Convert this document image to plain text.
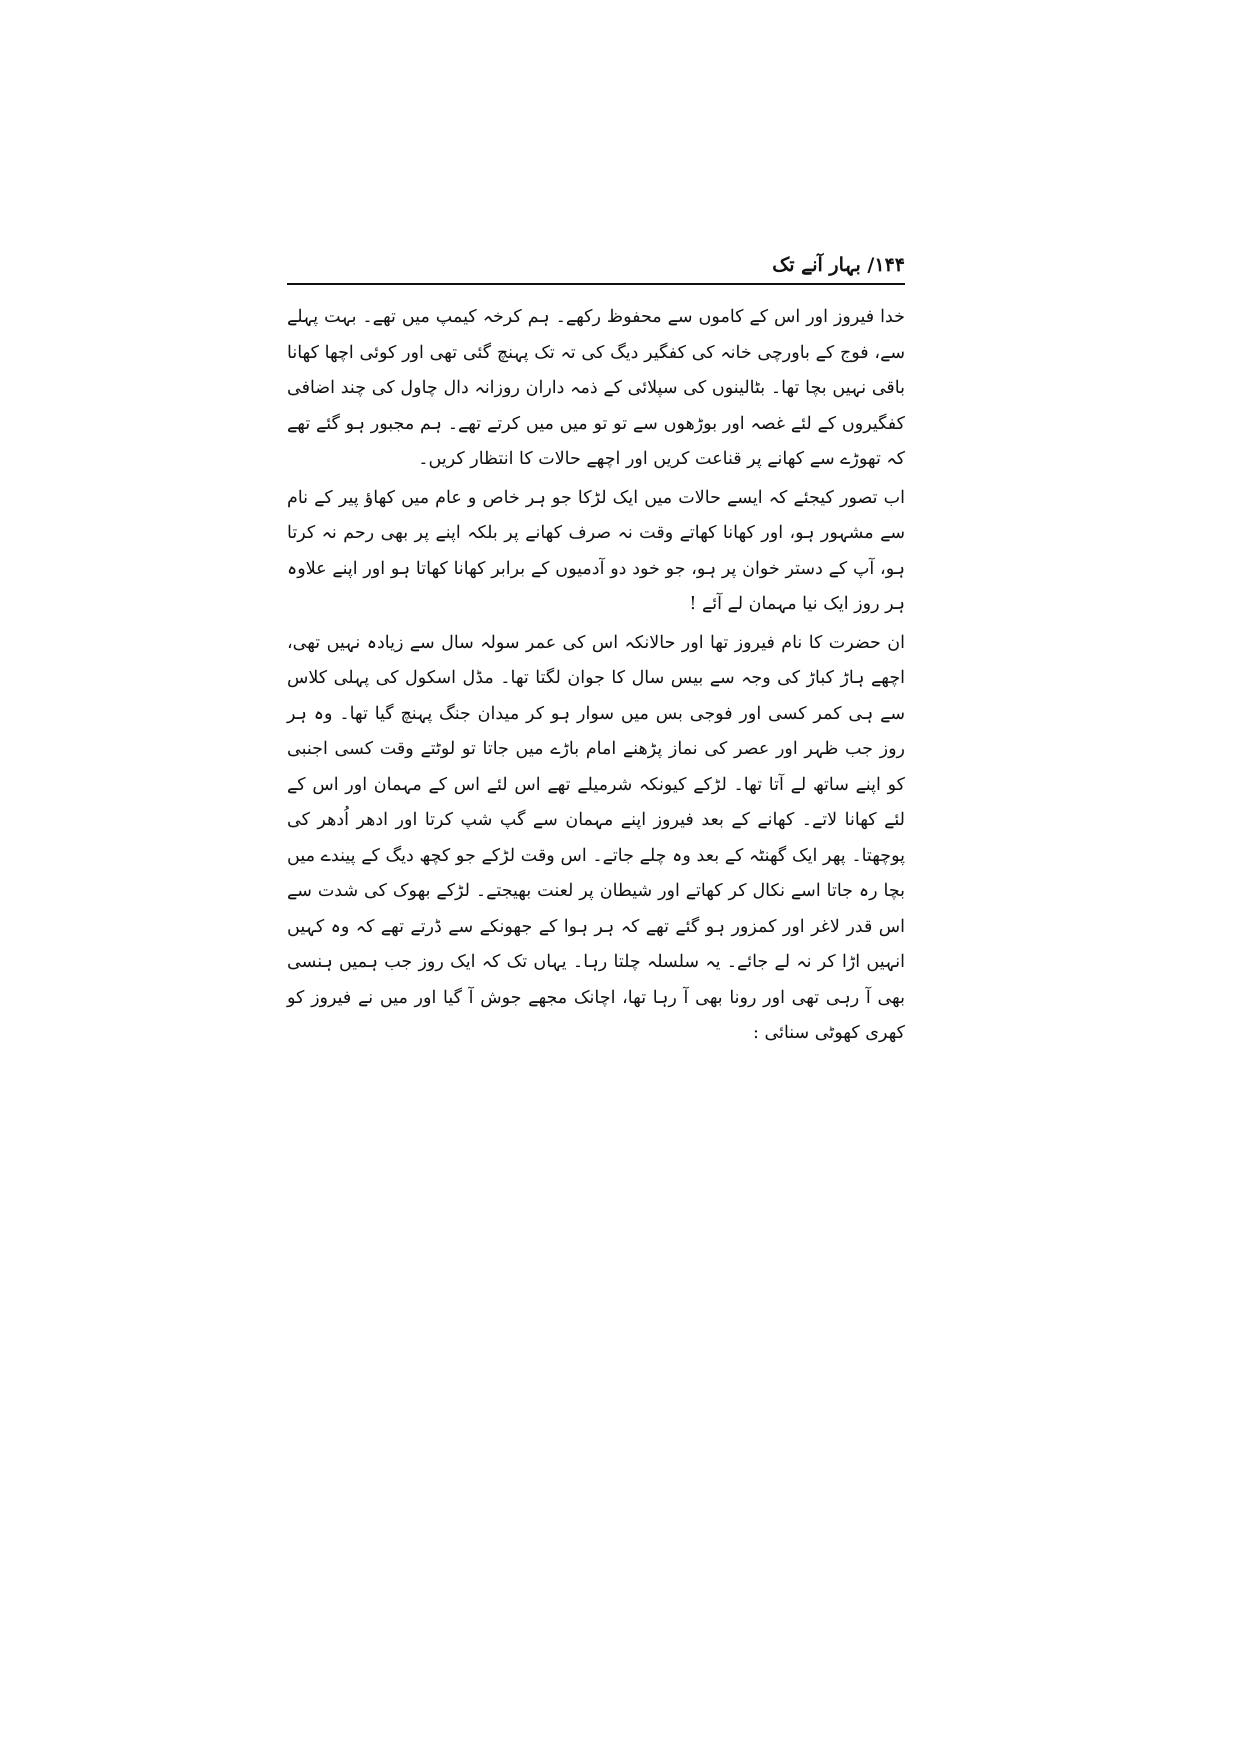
۱۴۴/ بہار آنے تک

خدا فیروز اور اس کے کاموں سے محفوظ رکھے۔ ہم کرخہ کیمپ میں تھے۔ بہت پہلے سے، فوج کے باورچی خانہ کی کفگیر دیگ کی تہ تک پہنچ گئی تھی اور کوئی اچھا کھانا باقی نہیں بچا تھا۔ بٹالینوں کی سپلائی کے ذمہ داران روزانہ دال چاول کی چند اضافی کفگیروں کے لئے غصہ اور بوڑھوں سے تو تو میں میں کرتے تھے۔ ہم مجبور ہو گئے تھے کہ تھوڑے سے کھانے پر قناعت کریں اور اچھے حالات کا انتظار کریں۔

اب تصور کیجئے کہ ایسے حالات میں ایک لڑکا جو ہر خاص و عام میں کھاؤ پیر کے نام سے مشہور ہو، اور کھانا کھاتے وقت نہ صرف کھانے پر بلکہ اپنے پر بھی رحم نہ کرتا ہو، آپ کے دستر خوان پر ہو، جو خود دو آدمیوں کے برابر کھانا کھاتا ہو اور اپنے علاوہ ہر روز ایک نیا مہمان لے آئے !

ان حضرت کا نام فیروز تھا اور حالانکہ اس کی عمر سولہ سال سے زیادہ نہیں تھی، اچھے ہاڑ کباڑ کی وجہ سے بیس سال کا جوان لگتا تھا۔ مڈل اسکول کی پہلی کلاس سے ہی کمر کسی اور فوجی بس میں سوار ہو کر میدان جنگ پہنچ گیا تھا۔ وہ ہر روز جب ظہر اور عصر کی نماز پڑھنے امام باڑے میں جاتا تو لوٹتے وقت کسی اجنبی کو اپنے ساتھ لے آتا تھا۔ لڑکے کیونکہ شرمیلے تھے اس لئے اس کے مہمان اور اس کے لئے کھانا لاتے۔ کھانے کے بعد فیروز اپنے مہمان سے گپ شپ کرتا اور ادھر اُدھر کی پوچھتا۔ پھر ایک گھنٹہ کے بعد وہ چلے جاتے۔ اس وقت لڑکے جو کچھ دیگ کے پیندے میں بچا رہ جاتا اسے نکال کر کھاتے اور شیطان پر لعنت بھیجتے۔ لڑکے بھوک کی شدت سے اس قدر لاغر اور کمزور ہو گئے تھے کہ ہر ہوا کے جھونکے سے ڈرتے تھے کہ وہ کہیں انہیں اڑا کر نہ لے جائے۔ یہ سلسلہ چلتا رہا۔ یہاں تک کہ ایک روز جب ہمیں ہنسی بھی آ رہی تھی اور رونا بھی آ رہا تھا، اچانک مجھے جوش آ گیا اور میں نے فیروز کو کھری کھوٹی سنائی :
